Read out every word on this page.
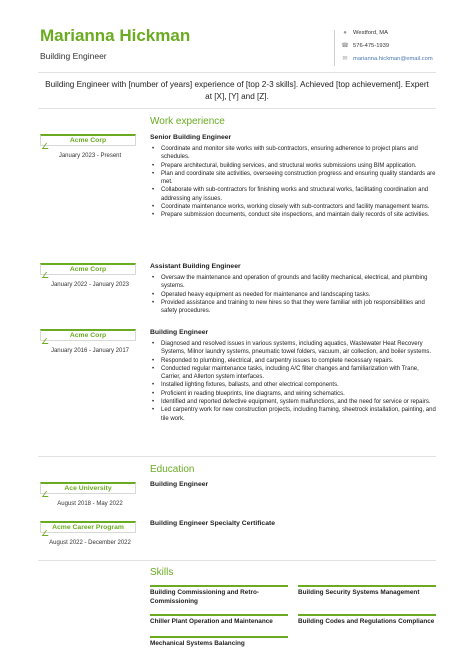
Marianna Hickman
Building Engineer
●	Westford, MA
☎ 576-475-1939
✉ marianna.hickman@email.com
Building Engineer with [number of years] experience of [top 2-3 skills]. Achieved [top achievement]. Expert at [X], [Y] and [Z].
Work experience
Acme Corp
January 2023 - Present
Senior Building Engineer
• Coordinate and monitor site works with sub-contractors, ensuring adherence to project plans and schedules.
• Prepare architectural, building services, and structural works submissions using BIM application.
• Plan and coordinate site activities, overseeing construction progress and ensuring quality standards are met.
• Collaborate with sub-contractors for finishing works and structural works, facilitating coordination and addressing any issues.
• Coordinate maintenance works, working closely with sub-contractors and facility management teams.
• Prepare submission documents, conduct site inspections, and maintain daily records of site activities.
Acme Corp
January 2022 - January 2023
Assistant Building Engineer
• Oversaw the maintenance and operation of grounds and facility mechanical, electrical, and plumbing systems.
• Operated heavy equipment as needed for maintenance and landscaping tasks.
• Provided assistance and training to new hires so that they were familiar with job responsibilities and safety procedures.
Acme Corp
January 2016 - January 2017
Building Engineer
• Diagnosed and resolved issues in various systems, including aquatics, Wastewater Heat Recovery Systems, Milnor laundry systems, pneumatic towel folders, vacuum, air collection, and boiler systems.
• Responded to plumbing, electrical, and carpentry issues to complete necessary repairs.
• Conducted regular maintenance tasks, including A/C filter changes and familiarization with Trane, Carrier, and Allerton system interfaces.
• Installed lighting fixtures, ballasts, and other electrical components.
• Proficient in reading blueprints, line diagrams, and wiring schematics.
• Identified and reported defective equipment, system malfunctions, and the need for service or repairs.
• Led carpentry work for new construction projects, including framing, sheetrock installation, painting, and tile work.
Education
Ace University
August 2018 - May 2022
Building Engineer
Acme Career Program
August 2022 - December 2022
Building Engineer Specialty Certificate
Skills
Building Commissioning and Retro-Commissioning
Building Security Systems Management
Chiller Plant Operation and Maintenance	Building Codes and Regulations Compliance
Mechanical Systems Balancing
